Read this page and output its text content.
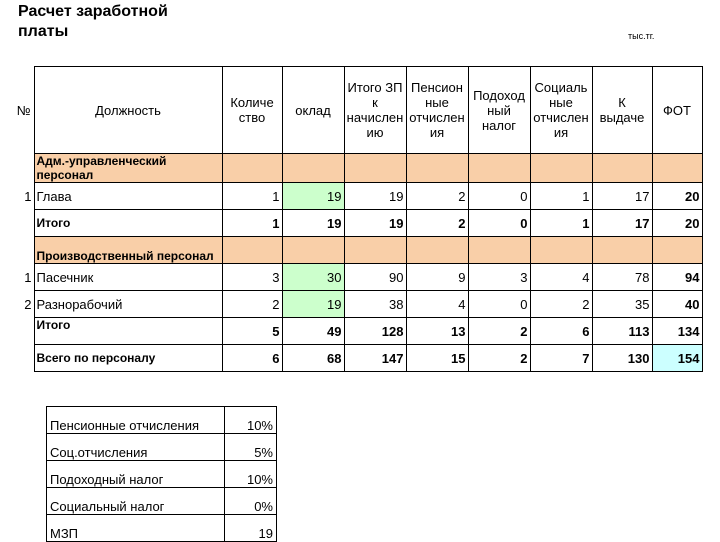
Расчет заработной платы	тыс.тг.
№	Должность	Количе ство	оклад	Итого ЗП к начислен ию	Пенсион ные отчислен ия	Подоход ный налог	Социаль ные отчислен ия	К выдаче	ФОТ
	Адм.-управленческий персонал								
1	Глава	1	19	19	2	0	1	17	20
	Итого	1	19	19	2	0	1	17	20
	Производственный персонал								
1	Пасечник	3	30	90	9	3	4	78	94
2	Разнорабочий	2	19	38	4	0	2	35	40
	Итого	5	49	128	13	2	6	113	134
	Всего по персоналу	6	68	147	15	2	7	130	154
Пенсионные отчисления	10%
Соц.отчисления	5%
Подоходный налог	10%
Социальный налог	0%
МЗП	19
